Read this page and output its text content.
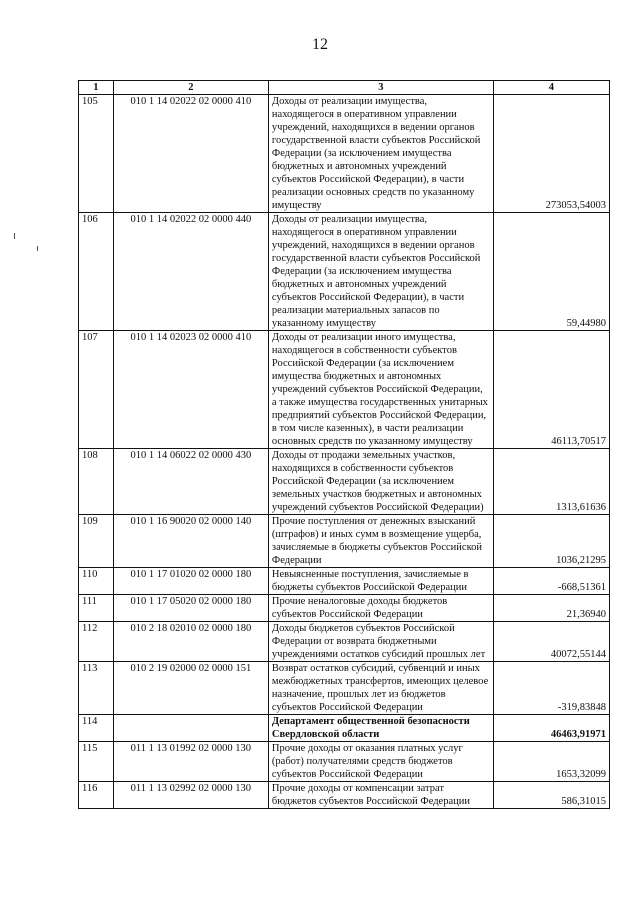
12
1	2	3	4
105	010 1 14 02022 02 0000 410	Доходы от реализации имущества, находящегося в оперативном управлении учреждений, находящихся в ведении органов государственной власти субъектов Российской Федерации (за исключением имущества бюджетных и автономных учреждений субъектов Российской Федерации), в части реализации основных средств по указанному имуществу	273053,54003
106	010 1 14 02022 02 0000 440	Доходы от реализации имущества, находящегося в оперативном управлении учреждений, находящихся в ведении органов государственной власти субъектов Российской Федерации (за исключением имущества бюджетных и автономных учреждений субъектов Российской Федерации), в части реализации материальных запасов по указанному имуществу	59,44980
107	010 1 14 02023 02 0000 410	Доходы от реализации иного имущества, находящегося в собственности субъектов Российской Федерации (за исключением имущества бюджетных и автономных учреждений субъектов Российской Федерации, а также имущества государственных унитарных предприятий субъектов Российской Федерации, в том числе казенных), в части реализации основных средств по указанному имуществу	46113,70517
108	010 1 14 06022 02 0000 430	Доходы от продажи земельных участков, находящихся в собственности субъектов Российской Федерации (за исключением земельных участков бюджетных и автономных учреждений субъектов Российской Федерации)	1313,61636
109	010 1 16 90020 02 0000 140	Прочие поступления от денежных взысканий (штрафов) и иных сумм в возмещение ущерба, зачисляемые в бюджеты субъектов Российской Федерации	1036,21295
110	010 1 17 01020 02 0000 180	Невыясненные поступления, зачисляемые в бюджеты субъектов Российской Федерации	-668,51361
111	010 1 17 05020 02 0000 180	Прочие неналоговые доходы бюджетов субъектов Российской Федерации	21,36940
112	010 2 18 02010 02 0000 180	Доходы бюджетов субъектов Российской Федерации от возврата бюджетными учреждениями остатков субсидий прошлых лет	40072,55144
113	010 2 19 02000 02 0000 151	Возврат остатков субсидий, субвенций и иных межбюджетных трансфертов, имеющих целевое назначение, прошлых лет из бюджетов субъектов Российской Федерации	-319,83848
114		Департамент общественной безопасности Свердловской области	46463,91971
115	011 1 13 01992 02 0000 130	Прочие доходы от оказания платных услуг (работ) получателями средств бюджетов субъектов Российской Федерации	1653,32099
116	011 1 13 02992 02 0000 130	Прочие доходы от компенсации затрат бюджетов субъектов Российской Федерации	586,31015
